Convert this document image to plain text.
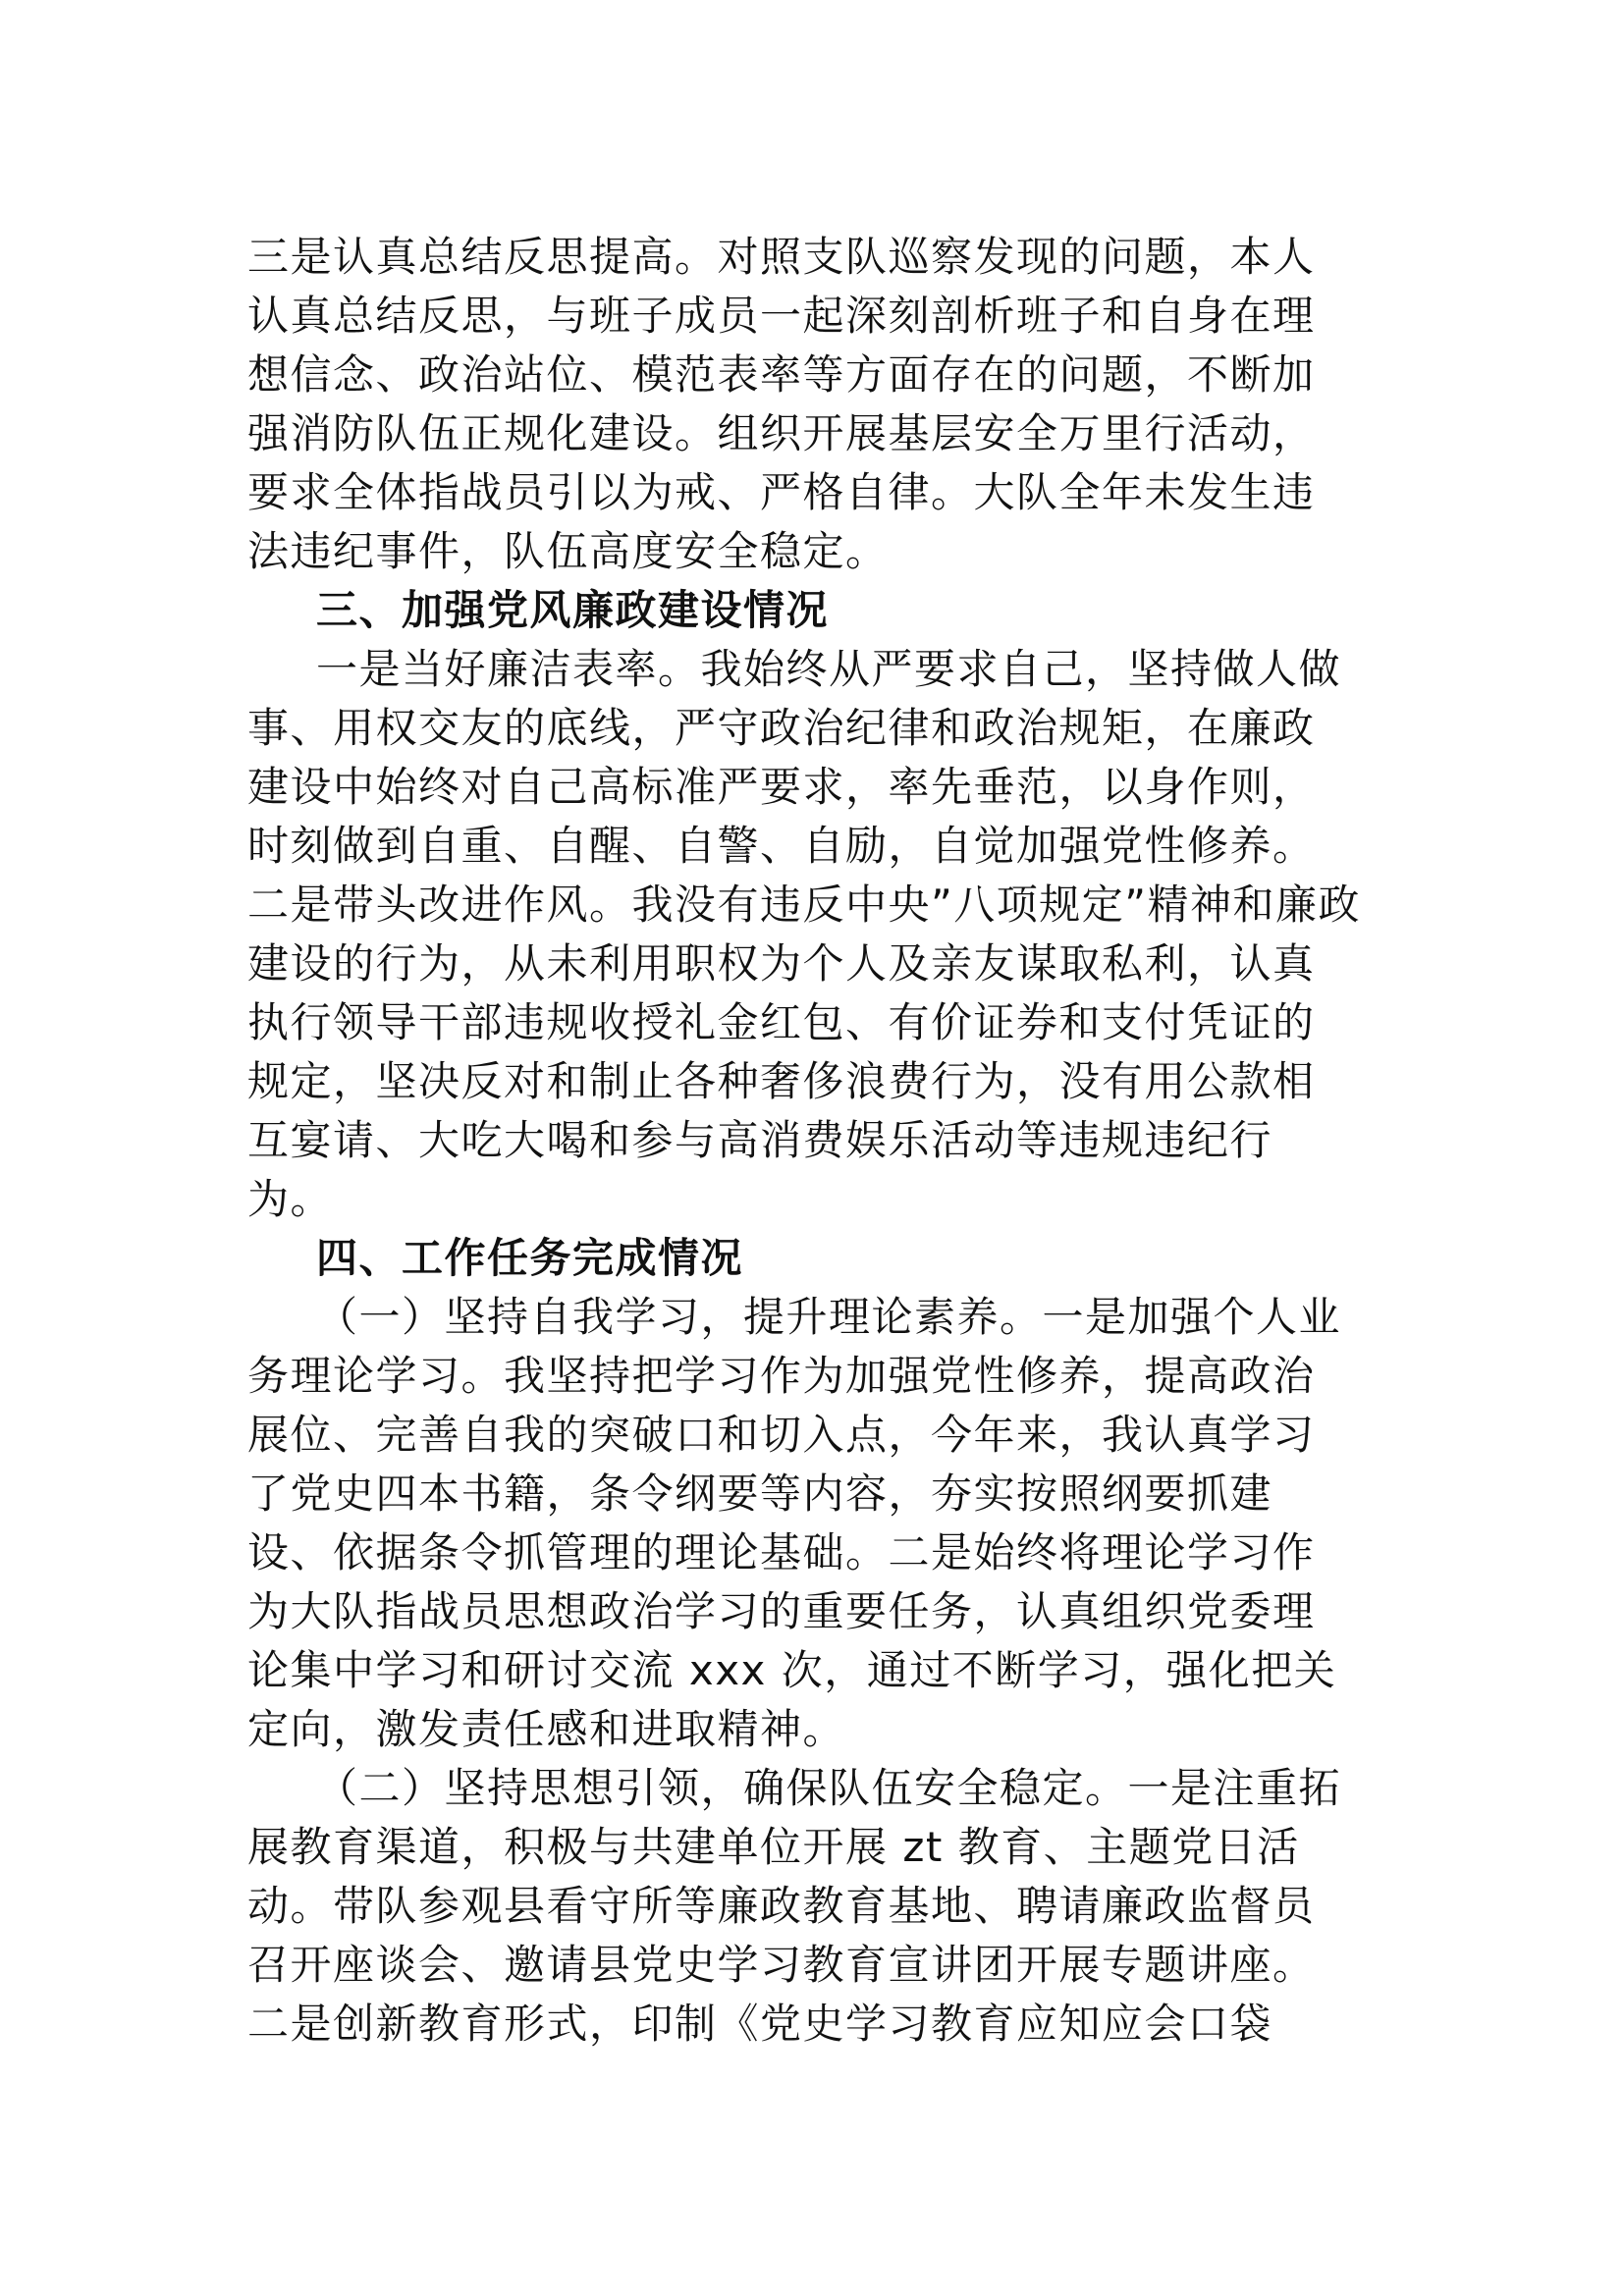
三是认真总结反思提高。对照支队巡察发现的问题，本人
认真总结反思，与班子成员一起深刻剖析班子和自身在理
想信念、政治站位、模范表率等方面存在的问题，不断加
强消防队伍正规化建设。组织开展基层安全万里行活动，
要求全体指战员引以为戒、严格自律。大队全年未发生违
法违纪事件，队伍高度安全稳定。
三、加强党风廉政建设情况
一是当好廉洁表率。我始终从严要求自己，坚持做人做
事、用权交友的底线，严守政治纪律和政治规矩，在廉政
建设中始终对自己高标准严要求，率先垂范，以身作则，
时刻做到自重、自醒、自警、自励，自觉加强党性修养。
二是带头改进作风。我没有违反中央”八项规定”精神和廉政
建设的行为，从未利用职权为个人及亲友谋取私利，认真
执行领导干部违规收授礼金红包、有价证券和支付凭证的
规定，坚决反对和制止各种奢侈浪费行为，没有用公款相
互宴请、大吃大喝和参与高消费娱乐活动等违规违纪行
为。
四、工作任务完成情况
（一）坚持自我学习，提升理论素养。一是加强个人业
务理论学习。我坚持把学习作为加强党性修养，提高政治
展位、完善自我的突破口和切入点，今年来，我认真学习
了党史四本书籍，条令纲要等内容，夯实按照纲要抓建
设、依据条令抓管理的理论基础。二是始终将理论学习作
为大队指战员思想政治学习的重要任务，认真组织党委理
论集中学习和研讨交流 xxx 次，通过不断学习，强化把关
定向，激发责任感和进取精神。
（二）坚持思想引领，确保队伍安全稳定。一是注重拓
展教育渠道，积极与共建单位开展 zt 教育、主题党日活
动。带队参观县看守所等廉政教育基地、聘请廉政监督员
召开座谈会、邀请县党史学习教育宣讲团开展专题讲座。
二是创新教育形式，印制《党史学习教育应知应会口袋
